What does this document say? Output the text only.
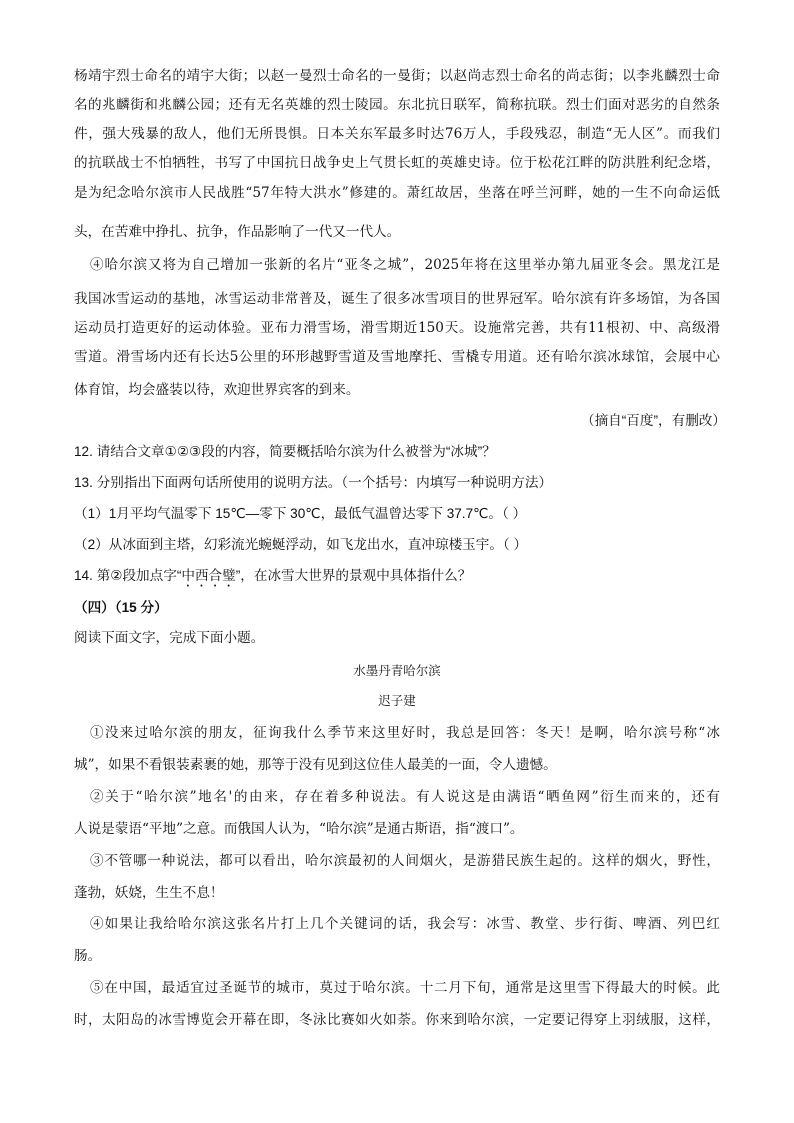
杨靖宇烈士命名的靖宇大街；以赵一曼烈士命名的一曼街；以赵尚志烈士命名的尚志街；以李兆麟烈士命
名的兆麟街和兆麟公园；还有无名英雄的烈士陵园。东北抗日联军，简称抗联。烈士们面对恶劣的自然条
件，强大残暴的敌人，他们无所畏惧。日本关东军最多时达76万人，手段残忍，制造“无人区”。而我们
的抗联战士不怕牺牲，书写了中国抗日战争史上气贯长虹的英雄史诗。位于松花江畔的防洪胜利纪念塔，
是为纪念哈尔滨市人民战胜“57年特大洪水”修建的。萧红故居，坐落在呼兰河畔，她的一生不向命运低
头，在苦难中挣扎、抗争，作品影响了一代又一代人。
④哈尔滨又将为自己增加一张新的名片“亚冬之城”，2025年将在这里举办第九届亚冬会。黑龙江是
我国冰雪运动的基地，冰雪运动非常普及，诞生了很多冰雪项目的世界冠军。哈尔滨有许多场馆，为各国
运动员打造更好的运动体验。亚布力滑雪场，滑雪期近150天。设施常完善，共有11根初、中、高级滑
雪道。滑雪场内还有长达5公里的环形越野雪道及雪地摩托、雪橇专用道。还有哈尔滨冰球馆，会展中心
体育馆，均会盛装以待，欢迎世界宾客的到来。
（摘自“百度”，有删改）
12. 请结合文章①②③段的内容，简要概括哈尔滨为什么被誉为“冰城”？
13. 分别指出下面两句话所使用的说明方法。（一个括号：内填写一种说明方法）
（1）1月平均气温零下 15℃—零下 30℃，最低气温曾达零下 37.7℃。（ ）
（2）从冰面到主塔，幻彩流光蜿蜒浮动，如飞龙出水，直冲琼楼玉宇。（ ）
14. 第②段加点字“中西合璧”，在冰雪大世界的景观中具体指什么？
（四）（15 分）
阅读下面文字，完成下面小题。
水墨丹青哈尔滨
迟子建
①没来过哈尔滨的朋友，征询我什么季节来这里好时，我总是回答：冬天！是啊，哈尔滨号称“冰
城”，如果不看银装素裹的她，那等于没有见到这位佳人最美的一面，令人遗憾。
②关于“哈尔滨”地名'的由来，存在着多种说法。有人说这是由满语“晒鱼网”衍生而来的，还有
人说是蒙语“平地”之意。而俄国人认为，“哈尔滨”是通古斯语，指“渡口”。
③不管哪一种说法，都可以看出，哈尔滨最初的人间烟火，是游猎民族生起的。这样的烟火，野性，
蓬勃，妖娆，生生不息！
④如果让我给哈尔滨这张名片打上几个关键词的话，我会写：冰雪、教堂、步行街、啤酒、列巴红
肠。
⑤在中国，最适宜过圣诞节的城市，莫过于哈尔滨。十二月下旬，通常是这里雪下得最大的时候。此
时，太阳岛的冰雪博览会开幕在即，冬泳比赛如火如荼。你来到哈尔滨，一定要记得穿上羽绒服，这样，
